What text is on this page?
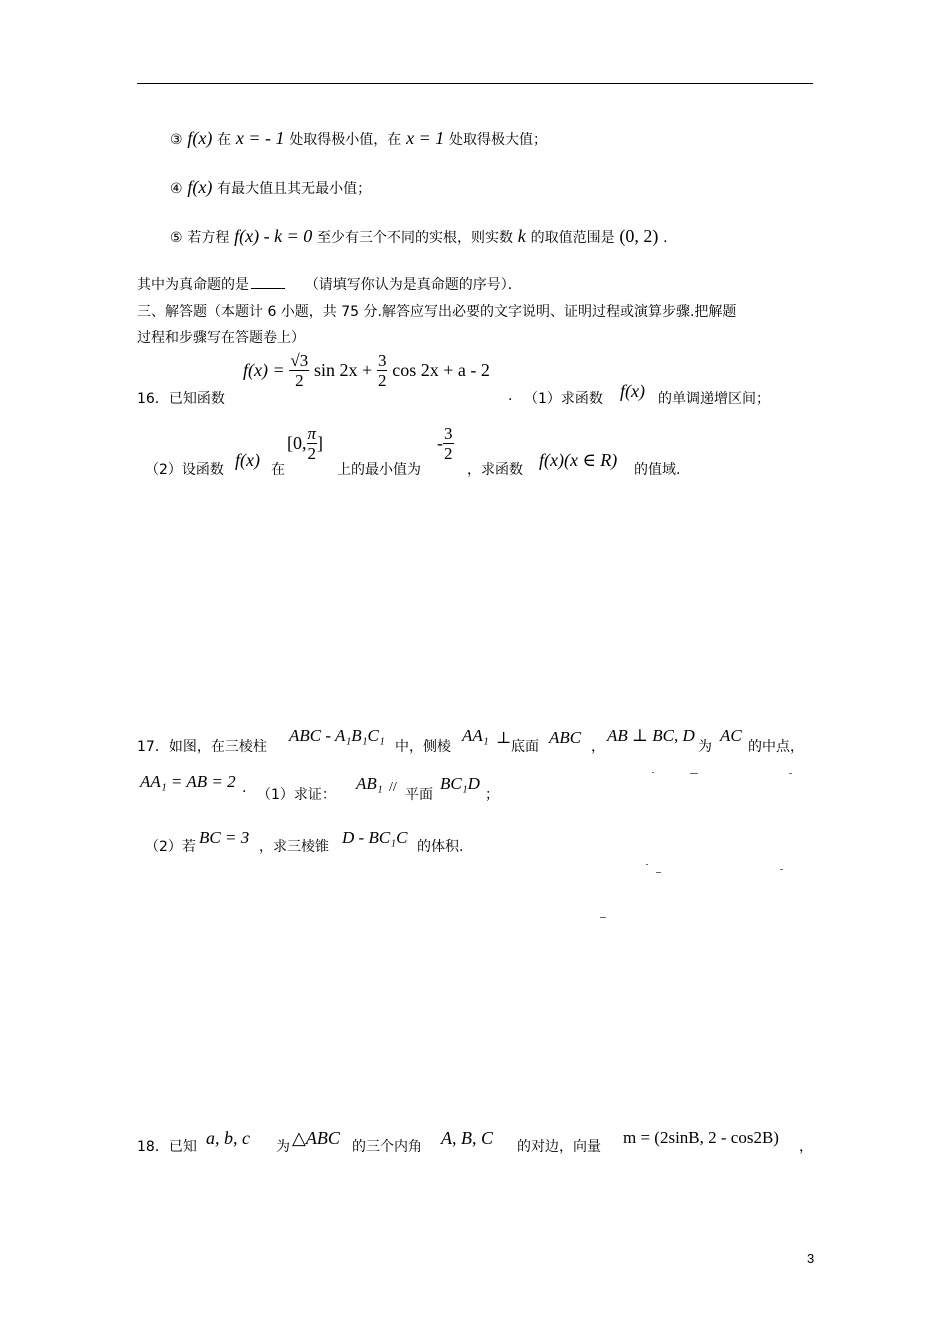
③ f(x) 在 x = - 1 处取得极小值，在 x = 1 处取得极大值；
④ f(x) 有最大值且其无最小值；
⑤ 若方程 f(x) - k = 0 至少有三个不同的实根，则实数 k 的取值范围是 (0, 2) .
其中为真命题的是	（请填写你认为是真命题的序号）．
三、解答题（本题计 6 小题，共 75 分.解答应写出必要的文字说明、证明过程或演算步骤.把解题
过程和步骤写在答题卷上）
16．已知函数
$f(x) = \frac{√3}{2}$ $\sin 2x + \frac{3}{2}$ cos 2x + a - 2
. （1）求函数 f(x) 的单调递增区间；
（2）设函数 f(x) 在
[0, $\frac{\pi}{2}$ ]
上的最小值为
- $\frac{3}{2}$
，求函数 f(x)(x ∈ R) 的值域.
17．如图，在三棱柱
ABC - A₁B₁C₁
中，侧棱
AA₁ ⊥ 底面 ABC ，
AB ⊥ BC, D
为
AC
的中点，
AA₁ = AB = 2 . （1）求证：
AB₁ // 平面
BC₁D
；
（2）若 BC = 3 ，求三棱锥 D - BC₁C 的体积.
18．已知 a, b, c 为 △ABC 的三个内角 A, B, C 的对边，向量 m = (2sinB, 2 - cos2B) ，
3
